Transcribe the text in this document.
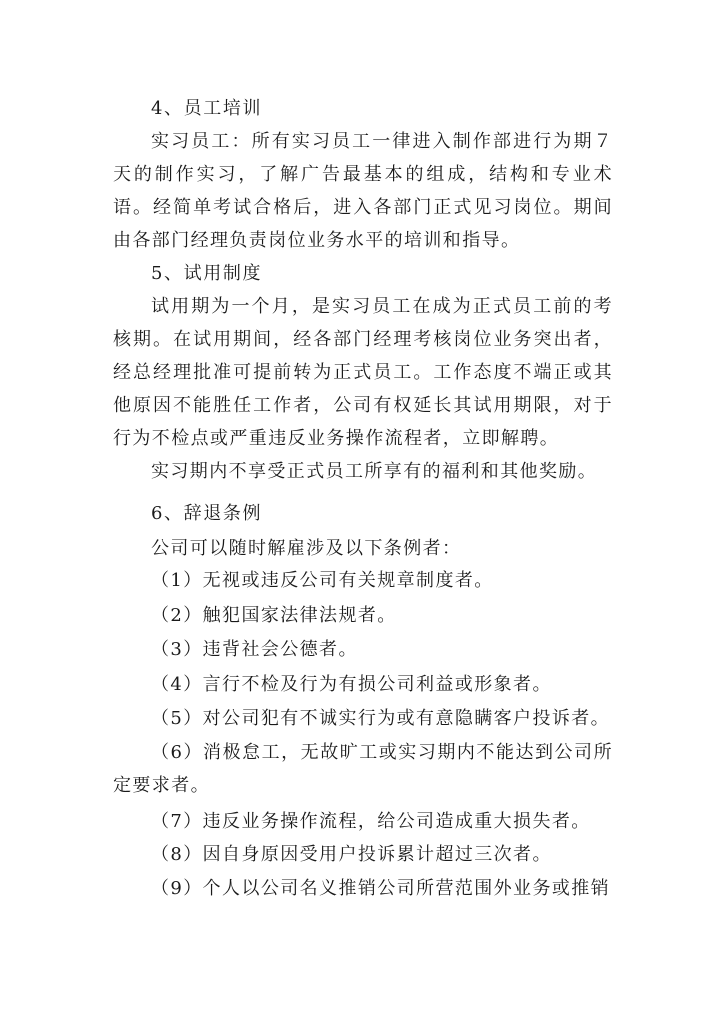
4、员工培训

实习员工：所有实习员工一律进入制作部进行为期７天的制作实习，了解广告最基本的组成，结构和专业术语。经简单考试合格后，进入各部门正式见习岗位。期间由各部门经理负责岗位业务水平的培训和指导。

5、试用制度

试用期为一个月，是实习员工在成为正式员工前的考核期。在试用期间，经各部门经理考核岗位业务突出者，经总经理批准可提前转为正式员工。工作态度不端正或其他原因不能胜任工作者，公司有权延长其试用期限，对于行为不检点或严重违反业务操作流程者，立即解聘。

实习期内不享受正式员工所享有的福利和其他奖励。

6、辞退条例

公司可以随时解雇涉及以下条例者：

（1）无视或违反公司有关规章制度者。

（2）触犯国家法律法规者。

（3）违背社会公德者。

（4）言行不检及行为有损公司利益或形象者。

（5）对公司犯有不诚实行为或有意隐瞒客户投诉者。

（6）消极怠工，无故旷工或实习期内不能达到公司所定要求者。

（7）违反业务操作流程，给公司造成重大损失者。

（8）因自身原因受用户投诉累计超过三次者。

（9）个人以公司名义推销公司所营范围外业务或推销
